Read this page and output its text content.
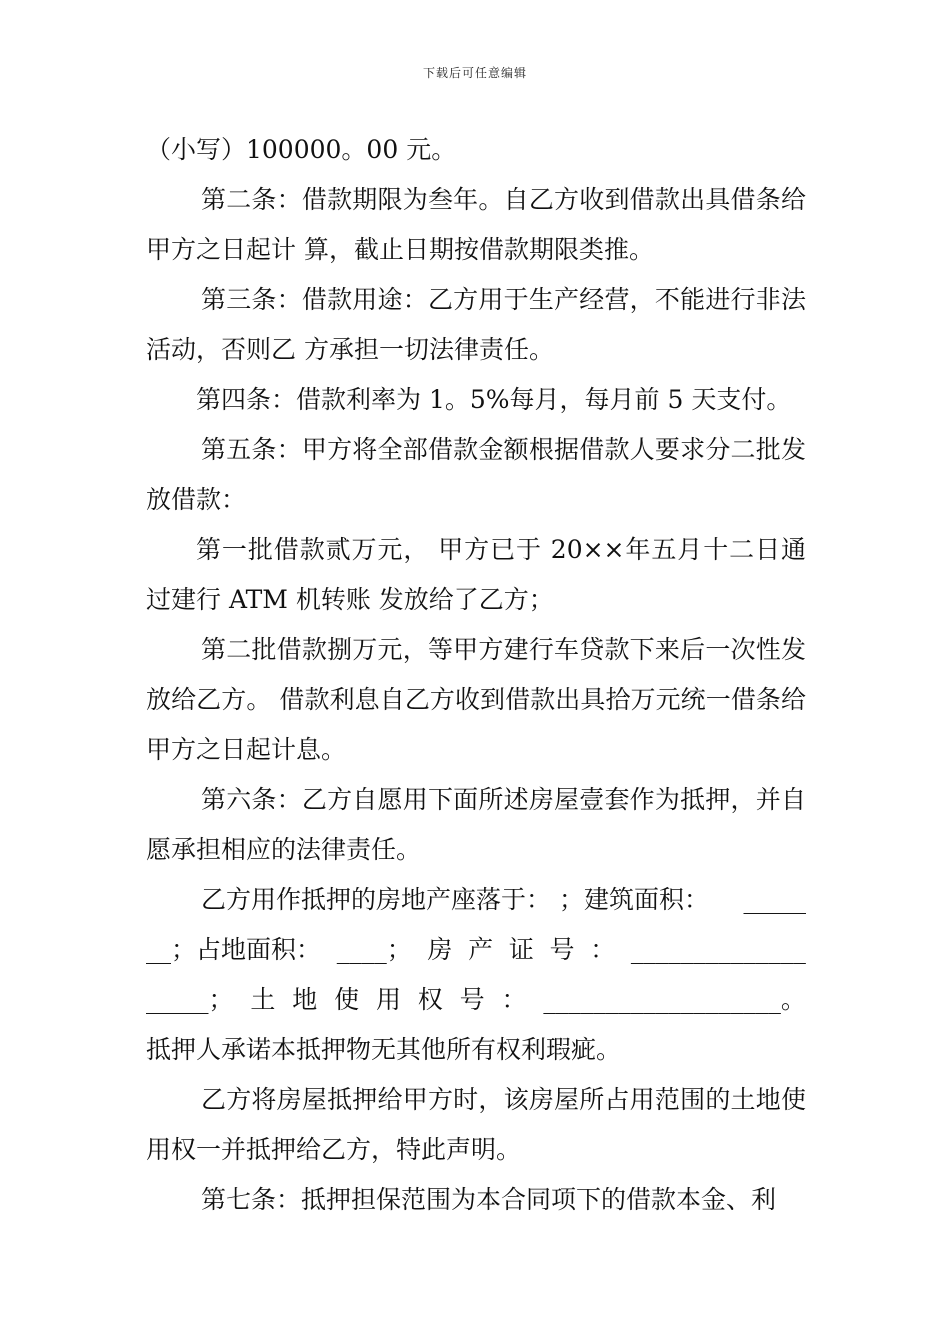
下载后可任意编辑

（小写）100000。00 元。

第二条：借款期限为叁年。自乙方收到借款出具借条给甲方之日起计 算，截止日期按借款期限类推。

第三条：借款用途：乙方用于生产经营，不能进行非法活动，否则乙 方承担一切法律责任。

第四条：借款利率为 1。5%每月，每月前 5 天支付。

第五条：甲方将全部借款金额根据借款人要求分二批发放借款：

第一批借款贰万元， 甲方已于 20××年五月十二日通过建行 ATM 机转账 发放给了乙方；

第二批借款捌万元，等甲方建行车贷款下来后一次性发放给乙方。 借款利息自乙方收到借款出具拾万元统一借条给甲方之日起计息。

第六条：乙方自愿用下面所述房屋壹套作为抵押，并自愿承担相应的法律责任。

乙方用作抵押的房地产座落于： ；建筑面积： _____
__；占地面积： ____； 房 产 证 号 ： ______________
_____； 土 地 使 用 权 号 ： ___________________。

抵押人承诺本抵押物无其他所有权利瑕疵。

乙方将房屋抵押给甲方时，该房屋所占用范围的土地使用权一并抵押给乙方，特此声明。

第七条：抵押担保范围为本合同项下的借款本金、利
